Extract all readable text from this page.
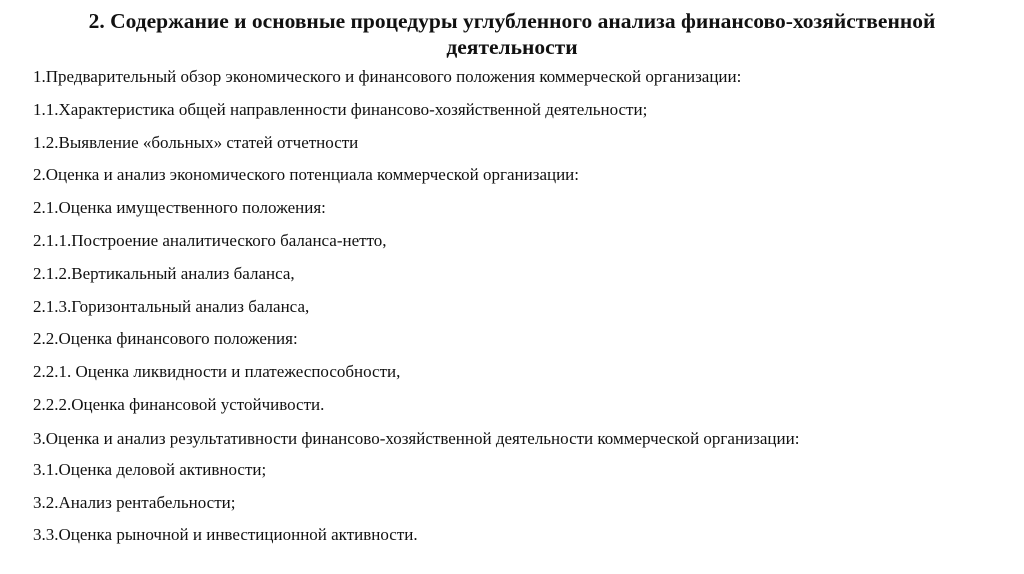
2. Содержание и основные процедуры углубленного анализа финансово-хозяйственной деятельности
1.Предварительный обзор экономического и финансового положения коммерческой организации:
1.1.Характеристика общей направленности финансово-хозяйственной деятельности;
1.2.Выявление «больных» статей отчетности
2.Оценка и анализ экономического потенциала коммерческой организации:
2.1.Оценка имущественного положения:
2.1.1.Построение аналитического баланса-нетто,
2.1.2.Вертикальный анализ баланса,
2.1.3.Горизонтальный анализ баланса,
2.2.Оценка финансового положения:
2.2.1. Оценка ликвидности и платежеспособности,
2.2.2.Оценка финансовой устойчивости.
3.Оценка и анализ результативности финансово-хозяйственной деятельности коммерческой организации:
3.1.Оценка деловой активности;
3.2.Анализ рентабельности;
3.3.Оценка рыночной и инвестиционной активности.
